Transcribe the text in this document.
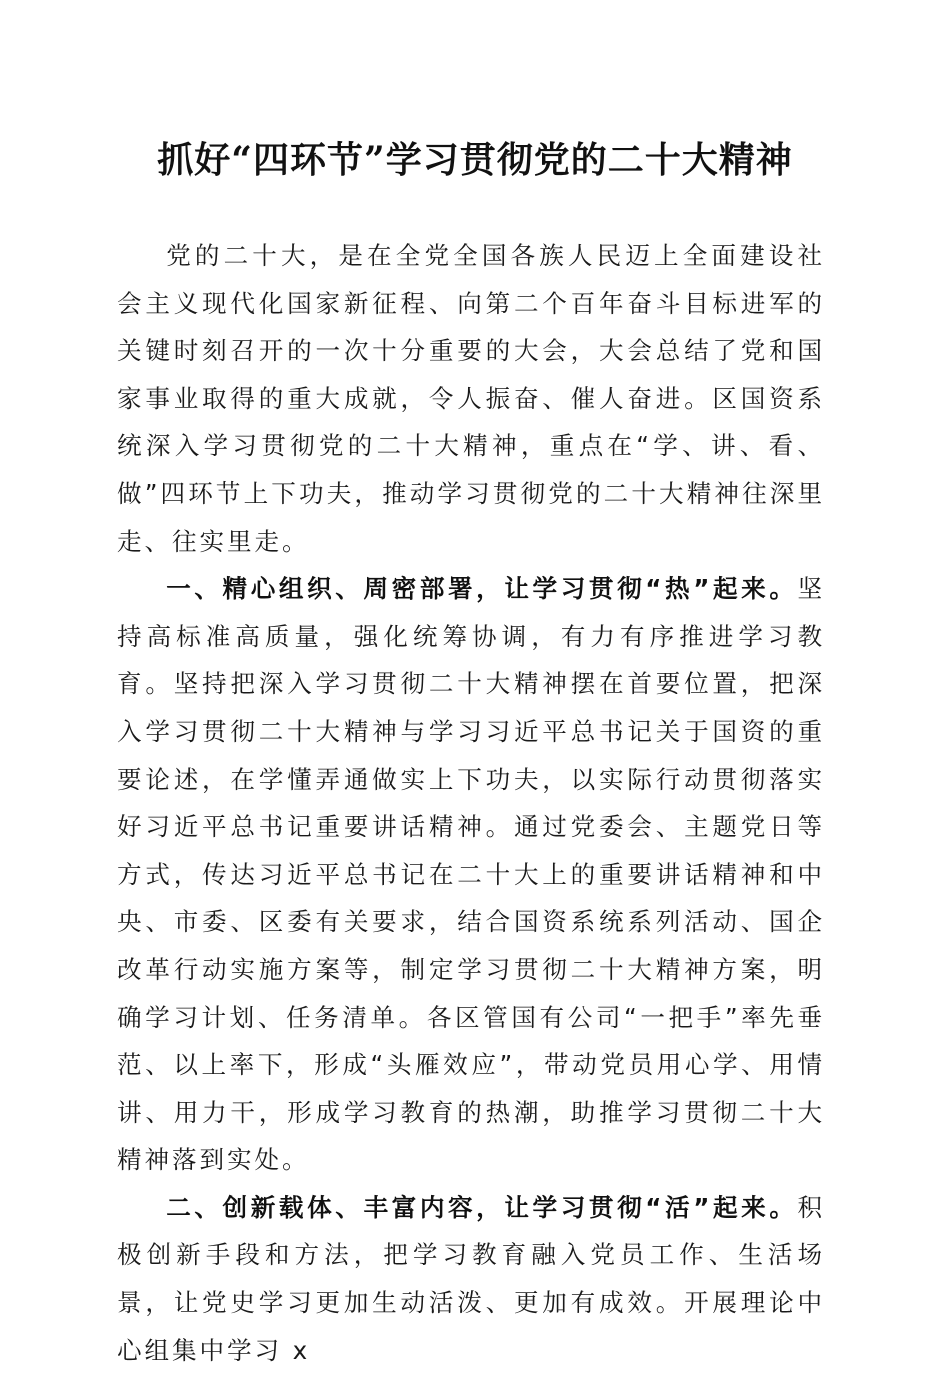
抓好“四环节”学习贯彻党的二十大精神

党的二十大，是在全党全国各族人民迈上全面建设社会主义现代化国家新征程、向第二个百年奋斗目标进军的关键时刻召开的一次十分重要的大会，大会总结了党和国家事业取得的重大成就，令人振奋、催人奋进。区国资系统深入学习贯彻党的二十大精神，重点在“学、讲、看、做”四环节上下功夫，推动学习贯彻党的二十大精神往深里走、往实里走。

一、精心组织、周密部署，让学习贯彻“热”起来。坚持高标准高质量，强化统筹协调，有力有序推进学习教育。坚持把深入学习贯彻二十大精神摆在首要位置，把深入学习贯彻二十大精神与学习习近平总书记关于国资的重要论述，在学懂弄通做实上下功夫，以实际行动贯彻落实好习近平总书记重要讲话精神。通过党委会、主题党日等方式，传达习近平总书记在二十大上的重要讲话精神和中央、市委、区委有关要求，结合国资系统系列活动、国企改革行动实施方案等，制定学习贯彻二十大精神方案，明确学习计划、任务清单。各区管国有公司“一把手”率先垂范、以上率下，形成“头雁效应”，带动党员用心学、用情讲、用力干，形成学习教育的热潮，助推学习贯彻二十大精神落到实处。

二、创新载体、丰富内容，让学习贯彻“活”起来。积极创新手段和方法，把学习教育融入党员工作、生活场景，让党史学习更加生动活泼、更加有成效。开展理论中心组集中学习 x
